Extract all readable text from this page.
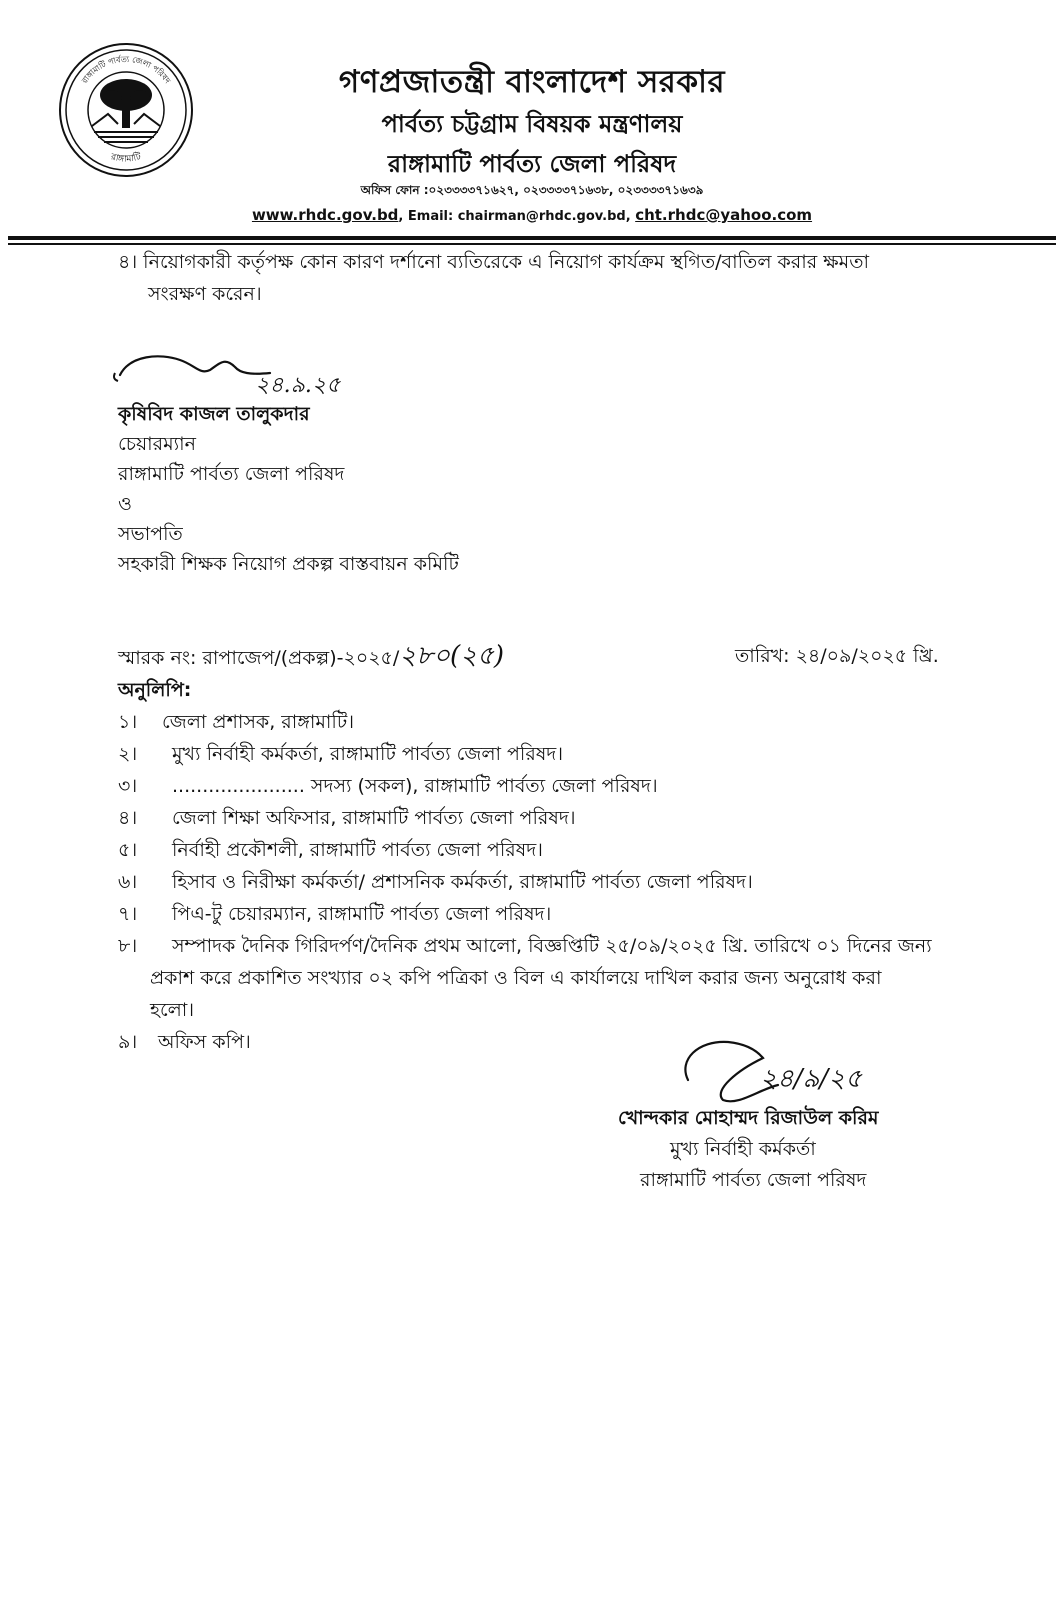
রাঙ্গামাটি পার্বত্য জেলা পরিষদ
রাঙ্গামাটি
গণপ্রজাতন্ত্রী বাংলাদেশ সরকার
পার্বত্য চট্টগ্রাম বিষয়ক মন্ত্রণালয়
রাঙ্গামাটি পার্বত্য জেলা পরিষদ
অফিস ফোন :০২৩৩৩৩৭১৬২৭, ০২৩৩৩৩৭১৬৩৮, ০২৩৩৩৩৭১৬৩৯
www.rhdc.gov.bd, Email: chairman@rhdc.gov.bd, cht.rhdc@yahoo.com
৪। নিয়োগকারী কর্তৃপক্ষ কোন কারণ দর্শানো ব্যতিরেকে এ নিয়োগ কার্যক্রম স্থগিত/বাতিল করার ক্ষমতা
সংরক্ষণ করেন।
২৪.৯.২৫
কৃষিবিদ কাজল তালুকদার
চেয়ারম্যান
রাঙ্গামাটি পার্বত্য জেলা পরিষদ
ও
সভাপতি
সহকারী শিক্ষক নিয়োগ প্রকল্প বাস্তবায়ন কমিটি
স্মারক নং: রাপাজেপ/(প্রকল্প)-২০২৫/২৮০(২৫)	তারিখ: ২৪/০৯/২০২৫ খ্রি.
অনুলিপি:
১। জেলা প্রশাসক, রাঙ্গামাটি।
২। মুখ্য নির্বাহী কর্মকর্তা, রাঙ্গামাটি পার্বত্য জেলা পরিষদ।
৩। ...................... সদস্য (সকল), রাঙ্গামাটি পার্বত্য জেলা পরিষদ।
৪। জেলা শিক্ষা অফিসার, রাঙ্গামাটি পার্বত্য জেলা পরিষদ।
৫। নির্বাহী প্রকৌশলী, রাঙ্গামাটি পার্বত্য জেলা পরিষদ।
৬। হিসাব ও নিরীক্ষা কর্মকর্তা/ প্রশাসনিক কর্মকর্তা, রাঙ্গামাটি পার্বত্য জেলা পরিষদ।
৭। পিএ-টু চেয়ারম্যান, রাঙ্গামাটি পার্বত্য জেলা পরিষদ।
৮। সম্পাদক দৈনিক গিরিদর্পণ/দৈনিক প্রথম আলো, বিজ্ঞপ্তিটি ২৫/০৯/২০২৫ খ্রি. তারিখে ০১ দিনের জন্য
প্রকাশ করে প্রকাশিত সংখ্যার ০২ কপি পত্রিকা ও বিল এ কার্যালয়ে দাখিল করার জন্য অনুরোধ করা
হলো।
৯। অফিস কপি।
২৪/৯/২৫
খোন্দকার মোহাম্মদ রিজাউল করিম
মুখ্য নির্বাহী কর্মকর্তা
রাঙ্গামাটি পার্বত্য জেলা পরিষদ
